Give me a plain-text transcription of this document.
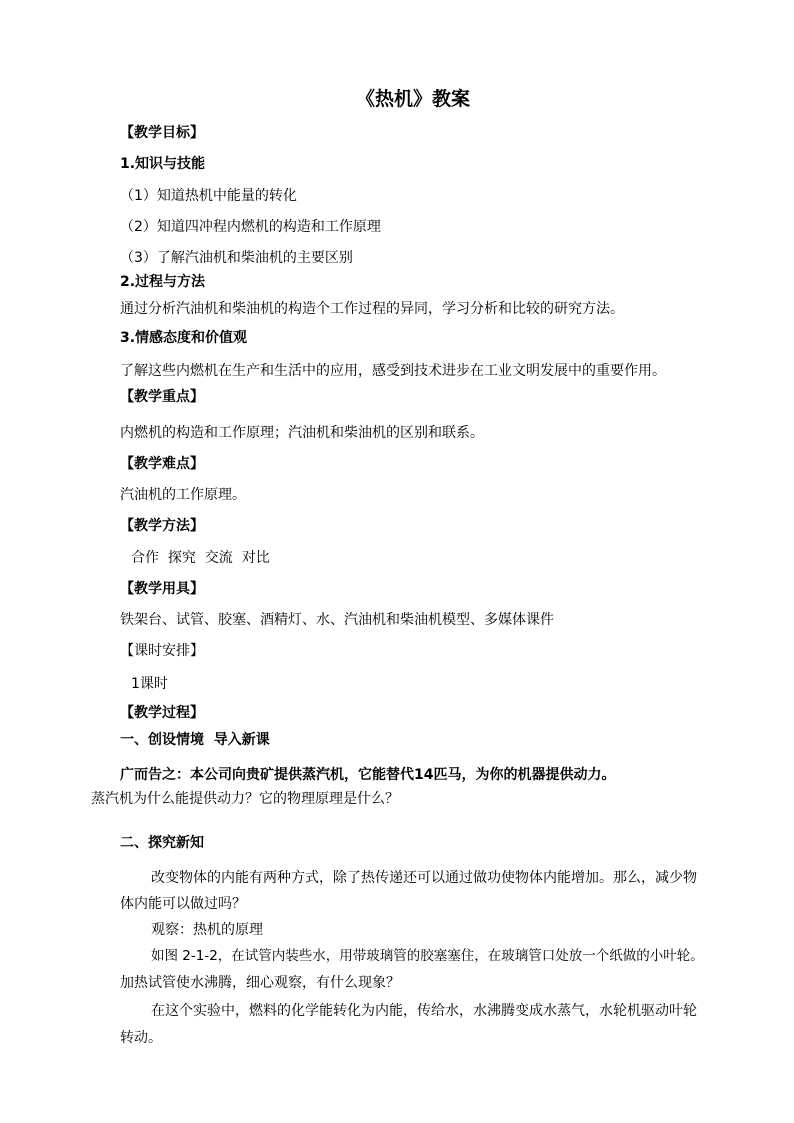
《热机》教案
【教学目标】
1.知识与技能
（1）知道热机中能量的转化
（2）知道四冲程内燃机的构造和工作原理
（3）了解汽油机和柴油机的主要区别
2.过程与方法
通过分析汽油机和柴油机的构造个工作过程的异同，学习分析和比较的研究方法。
3.情感态度和价值观
了解这些内燃机在生产和生活中的应用，感受到技术进步在工业文明发展中的重要作用。
【教学重点】
内燃机的构造和工作原理；汽油机和柴油机的区别和联系。
【教学难点】
汽油机的工作原理。
【教学方法】
合作  探究  交流  对比
【教学用具】
铁架台、试管、胶塞、酒精灯、水、汽油机和柴油机模型、多媒体课件
【课时安排】
1课时
【教学过程】
一、创设情境  导入新课
广而告之：本公司向贵矿提供蒸汽机，它能替代14匹马，为你的机器提供动力。
蒸汽机为什么能提供动力？它的物理原理是什么？
二、探究新知
改变物体的内能有两种方式，除了热传递还可以通过做功使物体内能增加。那么，减少物
体内能可以做过吗？
观察：热机的原理
如图 2-1-2，在试管内装些水，用带玻璃管的胶塞塞住，在玻璃管口处放一个纸做的小叶轮。
加热试管使水沸腾，细心观察，有什么现象？
在这个实验中，燃料的化学能转化为内能，传给水，水沸腾变成水蒸气，水轮机驱动叶轮
转动。
